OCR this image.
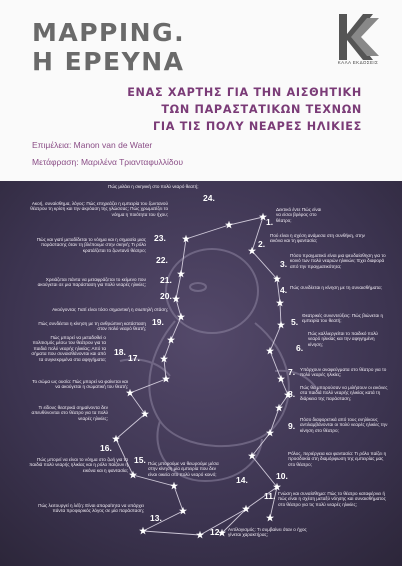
MAPPING.
Η ΕΡΕΥΝΑ	ΚΑΛΑ ΕΚΔΟΣΕΙΣ
ΕΝΑΣ ΧΑΡΤΗΣ ΓΙΑ ΤΗΝ ΑΙΣΘΗΤΙΚΗ
ΤΩΝ ΠΑΡΑΣΤΑΤΙΚΩΝ ΤΕΧΝΩΝ
ΓΙΑ ΤΙΣ ΠΟΛΥ ΝΕΑΡΕΣ ΗΛΙΚΙΕΣ
Επιμέλεια: Manon van de Water
Μετάφραση: Μαριλένα Τριανταφυλλίδου
Πώς μιλάει η σκηνική στο πολύ νεαρό θεατή;
24.
Δεκτικό έντε Πώς είναι να είσαι βρέφος στο θέατρο;
1.
Πού είναι η σχέση ανάμεσα στη συνθήκη, στην εικόνα και τη φαντασία;
2.
Πόσο πραγματικό είναι μια ψευδαίσθηση για το κοινό των πολύ νεαρών ηλικιών; Έχει διαφορά από την πραγματικότητα;
3.
Πώς συνδέεται η κίνηση με τη συναισθήματα;
4.
Θεατρικές συνεντεύξεις: Πώς βιώνεται η εμπειρία του θεατή;
5.
Πώς καλλιεργείται το παιδικό πολύ νεαρό ηλικίας και την αφηγημένη κίνηση;
6.
Υπάρχουν αναφεύγματα στο θέατρο για το πολύ νεαρές ηλικίες;
7.
Πώς θα μπορούσαν να μιλήσουν οι εικόνες στα παιδιά πολύ νεαρής ηλικίας κατά τη διάρκεια της παράσταση;
8.
Πόσο διαφορετικά από τους ενηλίκους αντιλαμβάνονται οι πολύ νεαρές ηλικίες την κίνηση στο θέατρο;
9.
Ρόλος, περιέργεια και φαντασία: Τι ρόλο παίζει η προσδοκία στη διαμόρφωση της εμπειρίας μας στο θέατρο;
10.
Γνώση και συναίσθημα: Πώς το θέατρο καταφέρνει ή πώς είναι η σχέση μεταξύ νόησης και συναισθήματος στο θέατρο για τις πολύ νεαρές ηλικίες;
11.
Αντίλογισμός: Τι συμβαίνει όταν ο ήχος γίνεται χαρακτήρας;
12.
Πώς λειτουργεί η λέξη: Είναι απαραίτητα να υπάρχει πάντα προφορικός λόγος σε μία παράσταση;
13.
Πώς μπορούμε να θεωρούμε μέσα στην κίνηση μία εμπειρία που δεν είναι οικεία στο πολύ νεαρό κοινό;
14.
Πώς μπορεί να είναι το νόημα στο ζωή για τα παιδιά πολύ νεαρής ηλικίας και η ρόλο παίζουν η εικόνα και η φαντασία;
15.
Τι είδους θεατρικά σημαίνοντα δεν απευθύνονται στο θέατρο για τα πολύ νεαρές ηλικίες;
16.
Το σώμα ως ουσία: Πώς μπορεί να φαίνεται και να ακούγεται η σωματική του θεατή;
17.
Πώς μπορεί να μεταδοθεί ο πολιτισμός μέσω του θεάτρου για τα παιδιά πολύ νεαρής ηλικίας; Από τα σήματα που συναισθάνονται και από τα συγκεκριμένα στα αφηγήματα;
18.
Πώς συνδέεται η κίνηση με τη ανθρώπινη κατάσταση στον πολύ νεαρό θεατή;
19.
Ακούγονται; Γιατί είναι τόσο σημαντική η σιωπηλή στάση;
20.
Χρειάζεται πάντα να μεταφράζεται το κείμενο που ακούγεται σε μια παράσταση για πολύ νεαρές ηλικίες; 21.
Πώς και γιατί μεταδίδεται το νόημα και η σημασία μιας παράστασης όταν τη βλέπουμε στην σκηνή; Τι ρόλο κρατά/ζεται το ζωντανό θέατρο;
22.
Ακοή, συναίσθημα, λόγος: Πώς επηρεάζει η εμπειρία του ζωντανού θέατρου τη κρίση και την ακρόαση της γλώσσας; Πώς χρωματίζει το νόημα η ποιότητα του ήχου;
23.
